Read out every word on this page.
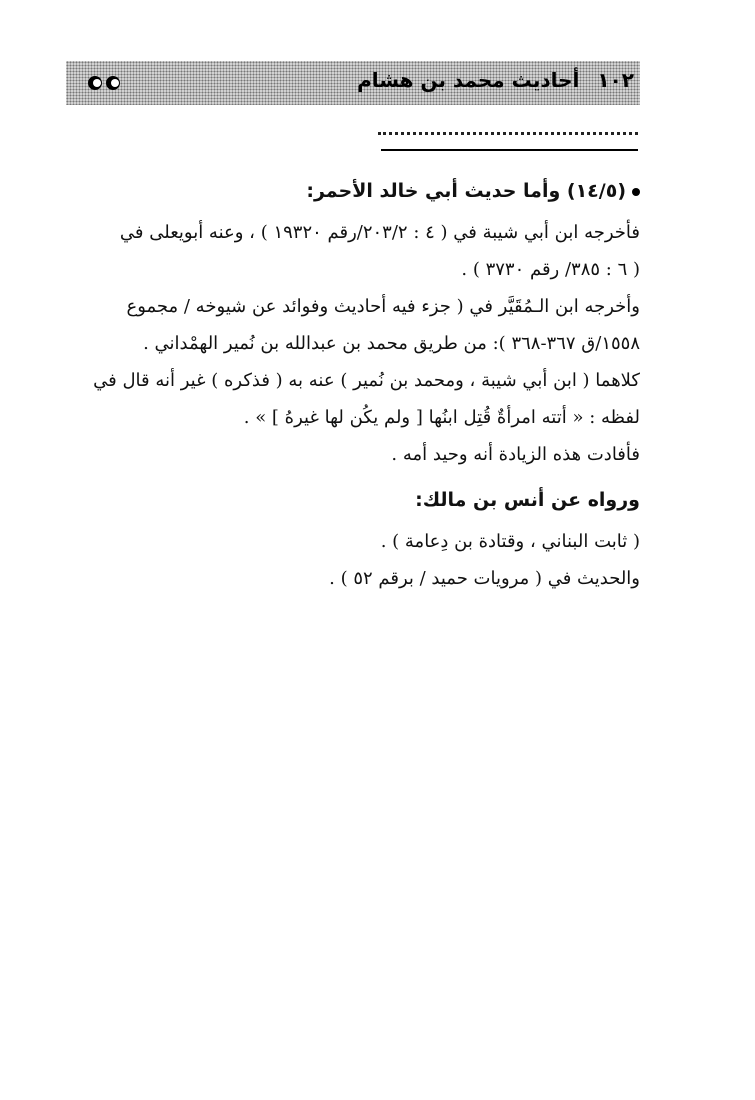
١٠٢أحاديث محمد بن هشام
(١٤/٥) وأما حديث أبي خالد الأحمر:
فأخرجه ابن أبي شيبة في ( ٤ : ٢٠٣/٢/رقم ١٩٣٢٠ ) ، وعنه أبويعلى في
( ٦ : ٣٨٥/ رقم ٣٧٣٠ ) .
وأخرجه ابن الـمُقَيَّر في ( جزء فيه أحاديث وفوائد عن شيوخه / مجموع
١٥٥٨/ق ٣٦٧-٣٦٨ ): من طريق محمد بن عبدالله بن نُمير الهمْداني .
كلاهما ( ابن أبي شيبة ، ومحمد بن نُمير ) عنه به ( فذكره ) غير أنه قال في
لفظه : « أتته امرأةٌ قُتِل ابنُها [ ولم يكُن لها غيرهُ ] » .
فأفادت هذه الزيادة أنه وحيد أمه .
ورواه عن أنس بن مالك:
( ثابت البناني ، وقتادة بن دِعامة ) .
والحديث في ( مرويات حميد / برقم ٥٢ ) .
